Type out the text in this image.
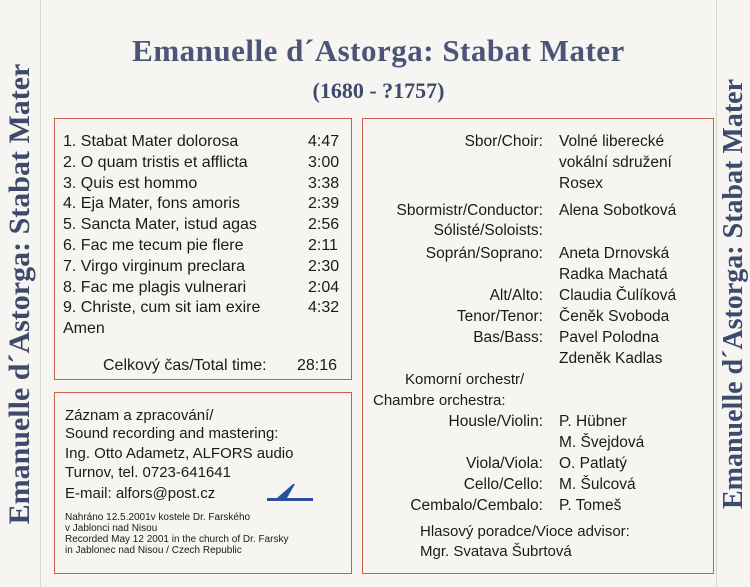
Emanuelle d´Astorga: Stabat Mater	Emanuelle d´Astorga: Stabat Mater
Emanuelle d´Astorga: Stabat Mater
(1680 - ?1757)
1. Stabat Mater dolorosa	4:47
2. O quam tristis et afflicta	3:00
3. Quis est hommo	3:38
4. Eja Mater, fons amoris	2:39
5. Sancta Mater, istud agas	2:56
6. Fac me tecum pie flere	2:11
7. Virgo virginum preclara	2:30
8. Fac me plagis vulnerari	2:04
9. Christe, cum sit iam exire	4:32
Amen
Celkový čas/Total time: 28:16
Záznam a zpracování/
Sound recording and mastering:
Ing. Otto Adametz, ALFORS audio
Turnov, tel. 0723-641641
E-mail: alfors@post.cz
Nahráno 12.5.2001v kostele Dr. Farského
v Jablonci nad Nisou
Recorded May 12 2001 in the church of Dr. Farsky
in Jablonec nad Nisou / Czech Republic
Sbor/Choir: Volné liberecké
vokální sdružení
Rosex
Sbormistr/Conductor: Alena Sobotková
Sólisté/Soloists:
Soprán/Soprano: Aneta Drnovská
Radka Machatá
Alt/Alto: Claudia Čulíková
Tenor/Tenor: Čeněk Svoboda
Bas/Bass: Pavel Polodna
Zdeněk Kadlas
Komorní orchestr/
Chambre orchestra:
Housle/Violin: P. Hübner
M. Švejdová
Viola/Viola: O. Patlatý
Cello/Cello: M. Šulcová
Cembalo/Cembalo: P. Tomeš
Hlasový poradce/Vioce advisor:
Mgr. Svatava Šubrtová
